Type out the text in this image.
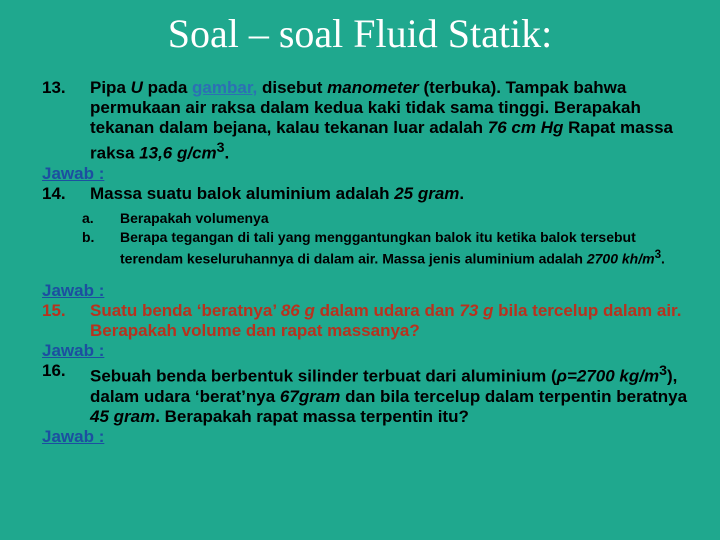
Soal – soal Fluid Statik:
13.	Pipa U pada gambar, disebut manometer (terbuka). Tampak bahwa permukaan air raksa dalam kedua kaki tidak sama tinggi. Berapakah tekanan dalam bejana, kalau tekanan luar adalah 76 cm Hg Rapat massa raksa 13,6 $g/cm^3$.
Jawab :
14.	Massa suatu balok aluminium adalah 25 gram.
a.	Berapakah volumenya
b.	Berapa tegangan di tali yang menggantungkan balok itu ketika balok tersebut terendam keseluruhannya di dalam air. Massa jenis aluminium adalah 2700 $kh/m^3$.
Jawab :
15.	Suatu benda ‘beratnya’ 86 g dalam udara dan 73 g bila tercelup dalam air. Berapakah volume dan rapat massanya?
Jawab :
16.	Sebuah benda berbentuk silinder terbuat dari aluminium (ρ=2700 $kg/m^3$), dalam udara ‘berat’nya 67gram dan bila tercelup dalam terpentin beratnya 45 gram. Berapakah rapat massa terpentin itu?
Jawab :
